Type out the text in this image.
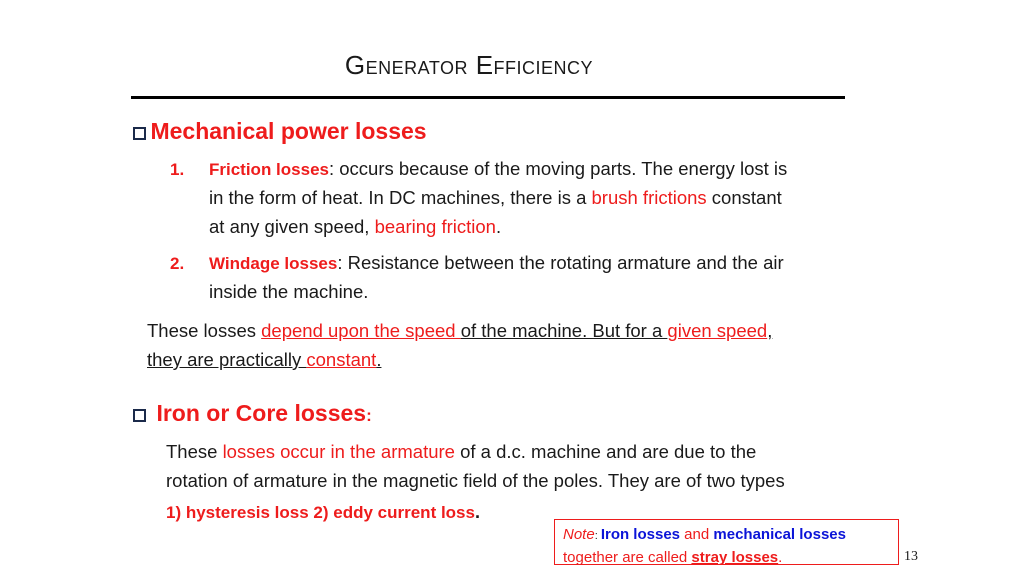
Generator Efficiency
Mechanical power losses
1. Friction losses: occurs because of the moving parts. The energy lost is
in the form of heat. In DC machines, there is a brush frictions constant
at any given speed, bearing friction.
2. Windage losses: Resistance between the rotating armature and the air
inside the machine.
These losses depend upon the speed of the machine. But for a given speed,
they are practically constant.
Iron or Core losses:
These losses occur in the armature of a d.c. machine and are due to the
rotation of armature in the magnetic field of the poles. They are of two types
1) hysteresis loss 2) eddy current loss.
Note: Iron losses and mechanical losses
together are called stray losses.	13
